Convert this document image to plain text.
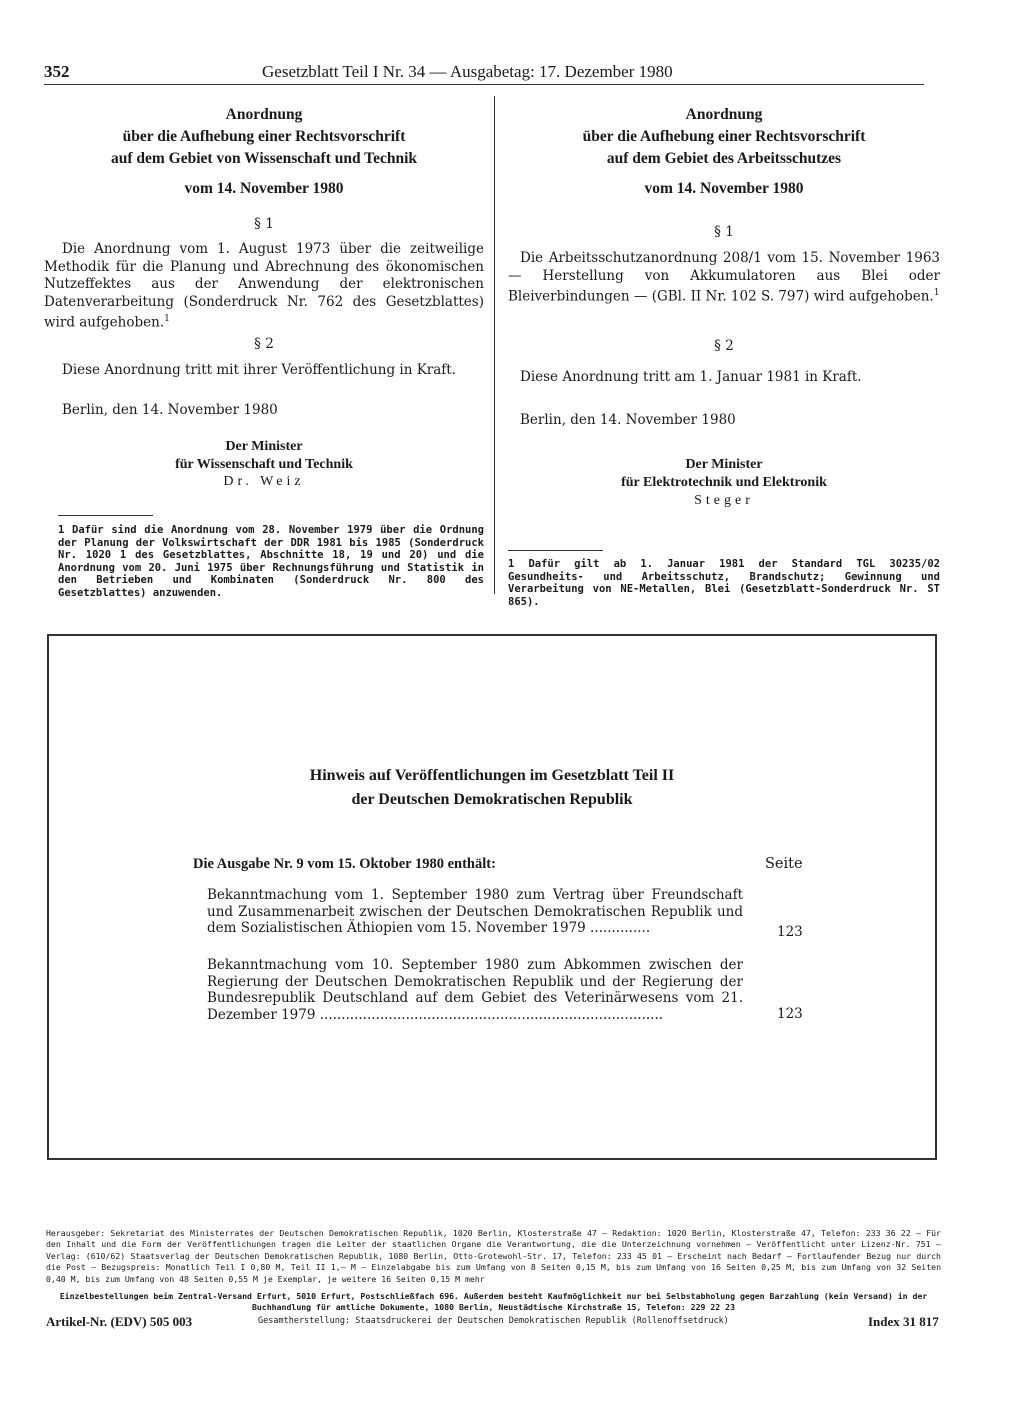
352	Gesetzblatt Teil I Nr. 34 — Ausgabetag: 17. Dezember 1980
Anordnung
über die Aufhebung einer Rechtsvorschrift
auf dem Gebiet von Wissenschaft und Technik
vom 14. November 1980
§ 1
Die Anordnung vom 1. August 1973 über die zeitweilige Methodik für die Planung und Abrechnung des ökonomischen Nutzeffektes aus der Anwendung der elektronischen Datenverarbeitung (Sonderdruck Nr. 762 des Gesetzblattes) wird aufgehoben.$^1$
§ 2
Diese Anordnung tritt mit ihrer Veröffentlichung in Kraft.
Berlin, den 14. November 1980
Der Minister
für Wissenschaft und Technik
Dr. Weiz
1 Dafür sind die Anordnung vom 28. November 1979 über die Ordnung der Planung der Volkswirtschaft der DDR 1981 bis 1985 (Sonderdruck Nr. 1020 1 des Gesetzblattes, Abschnitte 18, 19 und 20) und die Anordnung vom 20. Juni 1975 über Rechnungsführung und Statistik in den Betrieben und Kombinaten (Sonderdruck Nr. 800 des Gesetzblattes) anzuwenden.
Anordnung
über die Aufhebung einer Rechtsvorschrift
auf dem Gebiet des Arbeitsschutzes
vom 14. November 1980
§ 1
Die Arbeitsschutzanordnung 208/1 vom 15. November 1963 — Herstellung von Akkumulatoren aus Blei oder Bleiverbindungen — (GBl. II Nr. 102 S. 797) wird aufgehoben.$^1$
§ 2
Diese Anordnung tritt am 1. Januar 1981 in Kraft.
Berlin, den 14. November 1980
Der Minister
für Elektrotechnik und Elektronik
Steger
1 Dafür gilt ab 1. Januar 1981 der Standard TGL 30235/02 Gesundheits- und Arbeitsschutz, Brandschutz; Gewinnung und Verarbeitung von NE-Metallen, Blei (Gesetzblatt-Sonderdruck Nr. ST 865).
Hinweis auf Veröffentlichungen im Gesetzblatt Teil II
der Deutschen Demokratischen Republik
Die Ausgabe Nr. 9 vom 15. Oktober 1980 enthält:	Seite
Bekanntmachung vom 1. September 1980 zum Vertrag über Freundschaft und Zusammenarbeit zwischen der Deutschen Demokratischen Republik und dem Sozialistischen Äthiopien vom 15. November 1979 ..............	123
Bekanntmachung vom 10. September 1980 zum Abkommen zwischen der Regierung der Deutschen Demokratischen Republik und der Regierung der Bundesrepublik Deutschland auf dem Gebiet des Veterinärwesens vom 21. Dezember 1979 ................................................................................	123
Herausgeber: Sekretariat des Ministerrates der Deutschen Demokratischen Republik, 1020 Berlin, Klosterstraße 47 — Redaktion: 1020 Berlin, Klosterstraße 47, Telefon: 233 36 22 — Für den Inhalt und die Form der Veröffentlichungen tragen die Leiter der staatlichen Organe die Verantwortung, die die Unterzeichnung vornehmen — Veröffentlicht unter Lizenz-Nr. 751 — Verlag: (610/62) Staatsverlag der Deutschen Demokratischen Republik, 1080 Berlin, Otto-Grotewohl-Str. 17, Telefon: 233 45 01 — Erscheint nach Bedarf — Fortlaufender Bezug nur durch die Post — Bezugspreis: Monatlich Teil I 0,80 M, Teil II 1,— M — Einzelabgabe bis zum Umfang von 8 Seiten 0,15 M, bis zum Umfang von 16 Seiten 0,25 M, bis zum Umfang von 32 Seiten 0,40 M, bis zum Umfang von 48 Seiten 0,55 M je Exemplar, je weitere 16 Seiten 0,15 M mehr
Einzelbestellungen beim Zentral-Versand Erfurt, 5010 Erfurt, Postschließfach 696. Außerdem besteht Kaufmöglichkeit nur bei Selbstabholung gegen Barzahlung (kein Versand) in der Buchhandlung für amtliche Dokumente, 1080 Berlin, Neustädtische Kirchstraße 15, Telefon: 229 22 23
Artikel-Nr. (EDV) 505 003	Gesamtherstellung: Staatsdruckerei der Deutschen Demokratischen Republik (Rollenoffsetdruck)	Index 31 817
